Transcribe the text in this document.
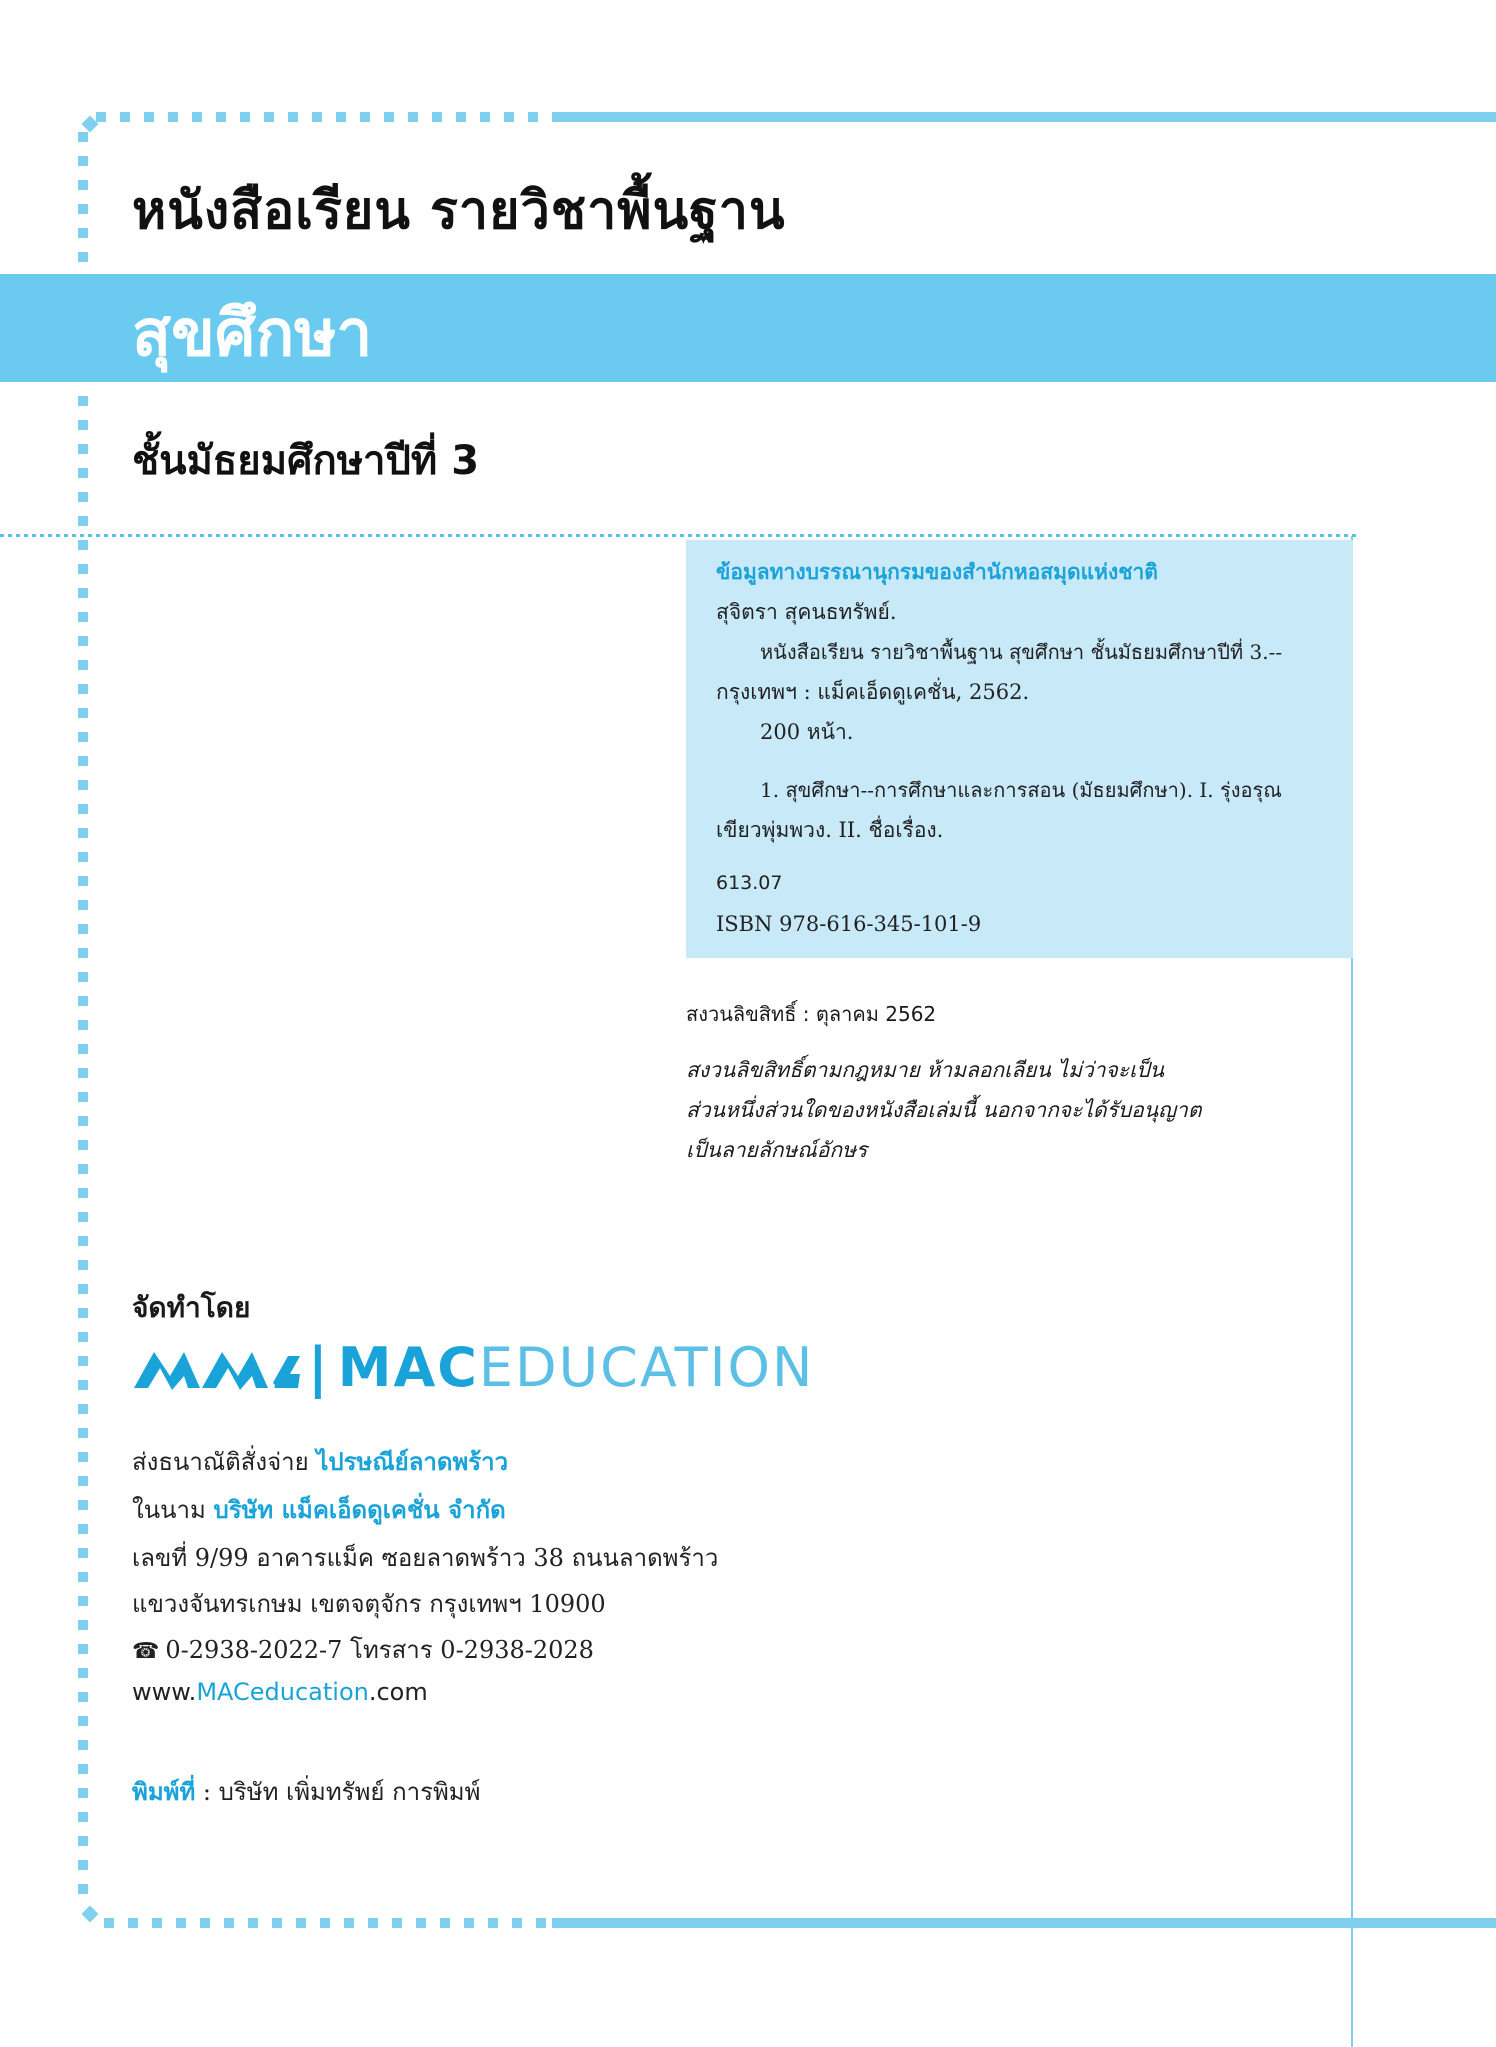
หนังสือเรียน รายวิชาพื้นฐาน
สุขศึกษา
ชั้นมัธยมศึกษาปีที่ 3
ข้อมูลทางบรรณานุกรมของสำนักหอสมุดแห่งชาติ
สุจิตรา สุคนธทรัพย์.
หนังสือเรียน รายวิชาพื้นฐาน สุขศึกษา ชั้นมัธยมศึกษาปีที่ 3.--
กรุงเทพฯ : แม็คเอ็ดดูเคชั่น, 2562.
200 หน้า.
1. สุขศึกษา--การศึกษาและการสอน (มัธยมศึกษา). I. รุ่งอรุณ
เขียวพุ่มพวง. II. ชื่อเรื่อง.
613.07
ISBN 978-616-345-101-9
สงวนลิขสิทธิ์ : ตุลาคม 2562
สงวนลิขสิทธิ์ตามกฎหมาย ห้ามลอกเลียน ไม่ว่าจะเป็น
ส่วนหนึ่งส่วนใดของหนังสือเล่มนี้ นอกจากจะได้รับอนุญาต
เป็นลายลักษณ์อักษร
จัดทำโดย
| MACEDUCATION
ส่งธนาณัติสั่งจ่าย ไปรษณีย์ลาดพร้าว
ในนาม บริษัท แม็คเอ็ดดูเคชั่น จำกัด
เลขที่ 9/99 อาคารแม็ค ซอยลาดพร้าว 38 ถนนลาดพร้าว
แขวงจันทรเกษม เขตจตุจักร กรุงเทพฯ 10900
☎ 0-2938-2022-7 โทรสาร 0-2938-2028
www.MACeducation.com
พิมพ์ที่ : บริษัท เพิ่มทรัพย์ การพิมพ์
